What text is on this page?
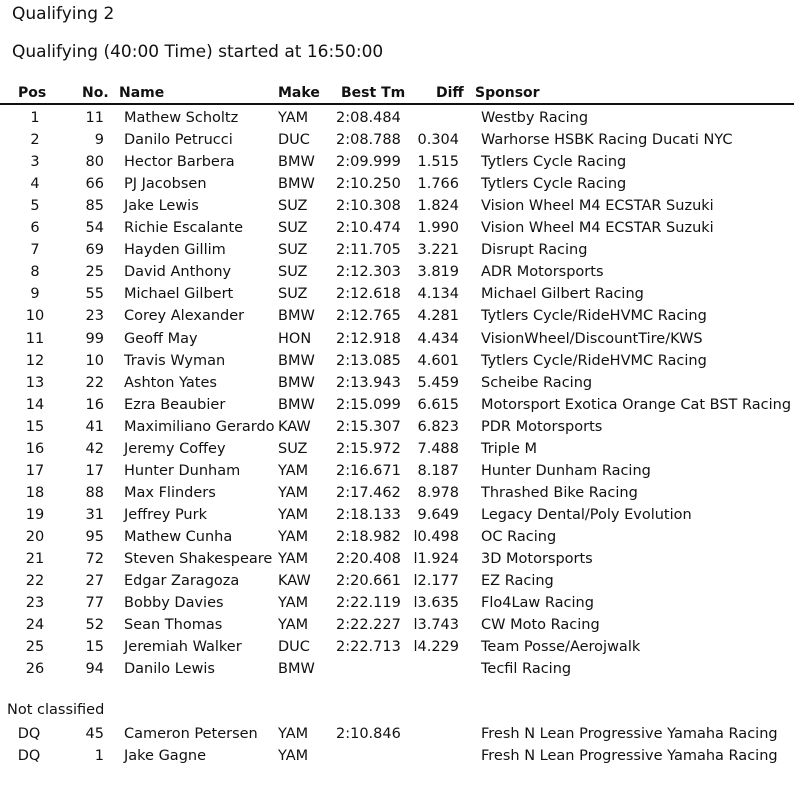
Qualifying 2
Qualifying (40:00 Time) started at 16:50:00
Pos	No. Name	Make Best Tm Diff Sponsor
1	11 Mathew Scholtz	YAM 2:08.484	Westby Racing
2	9 Danilo Petrucci	DUC 2:08.788	0.304 Warhorse HSBK Racing Ducati NYC
3	80 Hector Barbera	BMW 2:09.999	1.515 Tytlers Cycle Racing
4	66 PJ Jacobsen	BMW 2:10.250	1.766 Tytlers Cycle Racing
5	85 Jake Lewis	SUZ 2:10.308	1.824 Vision Wheel M4 ECSTAR Suzuki
6	54 Richie Escalante SUZ 2:10.474	1.990 Vision Wheel M4 ECSTAR Suzuki
7	69 Hayden Gillim	SUZ 2:11.705	3.221 Disrupt Racing
8	25 David Anthony	SUZ 2:12.303	3.819 ADR Motorsports
9	55 Michael Gilbert	SUZ 2:12.618	4.134 Michael Gilbert Racing
10	23 Corey Alexander BMW 2:12.765	4.281 Tytlers Cycle/RideHVMC Racing
11	99 Geoff May	HON 2:12.918	4.434 VisionWheel/DiscountTire/KWS
12	10 Travis Wyman	BMW 2:13.085	4.601 Tytlers Cycle/RideHVMC Racing
13	22 Ashton Yates	BMW 2:13.943	5.459 Scheibe Racing
14	16 Ezra Beaubier	BMW 2:15.099	6.615 Motorsport Exotica Orange Cat BST Racing
15	41 Maximiliano Gerardo KAW 2:15.307	6.823 PDR Motorsports
16	42 Jeremy Coffey	SUZ 2:15.972	7.488 Triple M
17	17 Hunter Dunham	YAM 2:16.671	8.187 Hunter Dunham Racing
18	88 Max Flinders	YAM 2:17.462	8.978 Thrashed Bike Racing
19	31 Jeffrey Purk	YAM 2:18.133	9.649 Legacy Dental/Poly Evolution
20	95 Mathew Cunha	YAM 2:18.982 l0.498 OC Racing
21	72 Steven Shakespeare YAM 2:20.408 l1.924 3D Motorsports
22	27 Edgar Zaragoza	KAW 2:20.661 l2.177 EZ Racing
23	77 Bobby Davies	YAM 2:22.119 l3.635 Flo4Law Racing
24	52 Sean Thomas	YAM 2:22.227 l3.743 CW Moto Racing
25	15 Jeremiah Walker	DUC 2:22.713 l4.229 Team Posse/Aerojwalk
26	94 Danilo Lewis	BMW	Tecfil Racing
Not classified
DQ	45 Cameron Petersen YAM 2:10.846	Fresh N Lean Progressive Yamaha Racing
DQ	1 Jake Gagne	YAM	Fresh N Lean Progressive Yamaha Racing
